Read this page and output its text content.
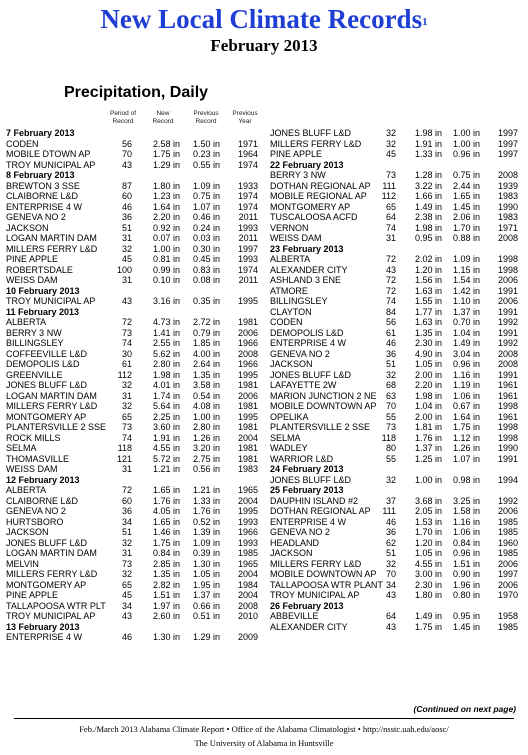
New Local Climate Records$^1$
February 2013
Precipitation, Daily
Period of Record
New Record
Previous Record
Previous Year
7 February 2013
CODEN	56 2.58 in 1.50 in 1971
MOBILE DTOWN AP	70 1.75 in 0.23 in 1964
TROY MUNICIPAL AP	43 1.29 in 0.55 in 1974
8 February 2013
BREWTON 3 SSE	87 1.80 in 1.09 in 1933
CLAIBORNE L&D	60 1.23 in 0.75 in 1974
ENTERPRISE 4 W	46 1.64 in 1.07 in 1974
GENEVA NO 2	36 2.20 in 0.46 in 2011
JACKSON	51 0.92 in 0.24 in 1993
LOGAN MARTIN DAM	31 0.07 in 0.03 in 2011
MILLERS FERRY L&D	32 1.00 in 0.30 in 1997
PINE APPLE	45 0.81 in 0.45 in 1993
ROBERTSDALE	100 0.99 in 0.83 in 1974
WEISS DAM	31 0.10 in 0.08 in 2011
10 February 2013
TROY MUNICIPAL AP	43 3.16 in 0.35 in 1995
11 February 2013
ALBERTA	72 4.73 in 2.72 in 1981
BERRY 3 NW	73 1.41 in 0.79 in 2006
BILLINGSLEY	74 2.55 in 1.85 in 1966
COFFEEVILLE L&D	30 5.62 in 4.00 in 2008
DEMOPOLIS L&D	61 2.80 in 2.64 in 1966
GREENVILLE	112 1.98 in 1.35 in 1995
JONES BLUFF L&D	32 4.01 in 3.58 in 1981
LOGAN MARTIN DAM	31 1.74 in 0.54 in 2006
MILLERS FERRY L&D	32 5.64 in 4.08 in 1981
MONTGOMERY AP	65 2.25 in 1.00 in 1995
PLANTERSVILLE 2 SSE 73 3.60 in 2.80 in 1981
ROCK MILLS	74 1.91 in 1.26 in 2004
SELMA	118 4.55 in 3.20 in 1981
THOMASVILLE	121 5.72 in 2.75 in 1981
WEISS DAM	31 1.21 in 0.56 in 1983
12 February 2013
ALBERTA	72 1.65 in 1.21 in 1965
CLAIBORNE L&D	60 1.76 in 1.33 in 2004
GENEVA NO 2	36 4.05 in 1.76 in 1995
HURTSBORO	34 1.65 in 0.52 in 1993
JACKSON	51 1.46 in 1.39 in 1966
JONES BLUFF L&D	32 1.75 in 1.09 in 1993
LOGAN MARTIN DAM	31 0.84 in 0.39 in 1985
MELVIN	73 2.85 in 1.30 in 1965
MILLERS FERRY L&D	32 1.35 in 1.05 in 2004
MONTGOMERY AP	65 2.82 in 1.95 in 1984
PINE APPLE	45 1.51 in 1.37 in 2004
TALLAPOOSA WTR PLT 34 1.97 in 0.66 in 2008
TROY MUNICIPAL AP	43 2.60 in 0.51 in 2010
13 February 2013
ENTERPRISE 4 W	46 1.30 in 1.29 in 2009
JONES BLUFF L&D	32 1.98 in 1.00 in 1997
MILLERS FERRY L&D	32 1.91 in 1.00 in 1997
PINE APPLE	45 1.33 in 0.96 in 1997
22 February 2013
BERRY 3 NW	73 1.28 in 0.75 in 2008
DOTHAN REGIONAL AP 111 3.22 in 2.44 in 1939
MOBILE REGIONAL AP 112 1.66 in 1.65 in 1983
MONTGOMERY AP	65 1.49 in 1.45 in 1990
TUSCALOOSA ACFD	64 2.38 in 2.06 in 1983
VERNON	74 1.98 in 1.70 in 1971
WEISS DAM	31 0.95 in 0.88 in 2008
23 February 2013
ALBERTA	72 2.02 in 1.09 in 1998
ALEXANDER CITY	43 1.20 in 1.15 in 1998
ASHLAND 3 ENE	72 1.56 in 1.54 in 2006
ATMORE	72 1.63 in 1.42 in 1991
BILLINGSLEY	74 1.55 in 1.10 in 2006
CLAYTON	84 1.77 in 1.37 in 1991
CODEN	56 1.63 in 0.70 in 1992
DEMOPOLIS L&D	61 1.35 in 1.04 in 1991
ENTERPRISE 4 W	46 2.30 in 1.49 in 1992
GENEVA NO 2	36 4.90 in 3.04 in 2008
JACKSON	51 1.05 in 0.96 in 2008
JONES BLUFF L&D	32 2.00 in 1.16 in 1991
LAFAYETTE 2W	68 2.20 in 1.19 in 1961
MARION JUNCTION 2 NE 63 1.98 in 1.06 in 1961
MOBILE DOWNTOWN AP 70 1.04 in 0.67 in 1998
OPELIKA	55 2.00 in 1.64 in 1961
PLANTERSVILLE 2 SSE 73 1.81 in 1.75 in 1998
SELMA	118 1.76 in 1.12 in 1998
WADLEY	80 1.37 in 1.26 in 1990
WARRIOR L&D	55 1.25 in 1.07 in 1991
24 February 2013
JONES BLUFF L&D	32 1.00 in 0.98 in 1994
25 February 2013
DAUPHIN ISLAND #2	37 3.68 in 3.25 in 1992
DOTHAN REGIONAL AP 111 2.05 in 1.58 in 2006
ENTERPRISE 4 W	46 1.53 in 1.16 in 1985
GENEVA NO 2	36 1.70 in 1.06 in 1985
HEADLAND	62 1.20 in 0.84 in 1960
JACKSON	51 1.05 in 0.96 in 1985
MILLERS FERRY L&D	32 4.55 in 1.51 in 2006
MOBILE DOWNTOWN AP 70 3.00 in 0.90 in 1997
TALLAPOOSA WTR PLANT 34 2.30 in 1.96 in 2006
TROY MUNICIPAL AP	43 1.80 in 0.80 in 1970
26 February 2013
ABBEVILLE	64 1.49 in 0.95 in 1958
ALEXANDER CITY	43 1.75 in 1.45 in 1985
(Continued on next page)
Feb./March 2013 Alabama Climate Report • Office of the Alabama Climatologist • http://nsstc.uah.edu/aosc/
The University of Alabama in Huntsville
